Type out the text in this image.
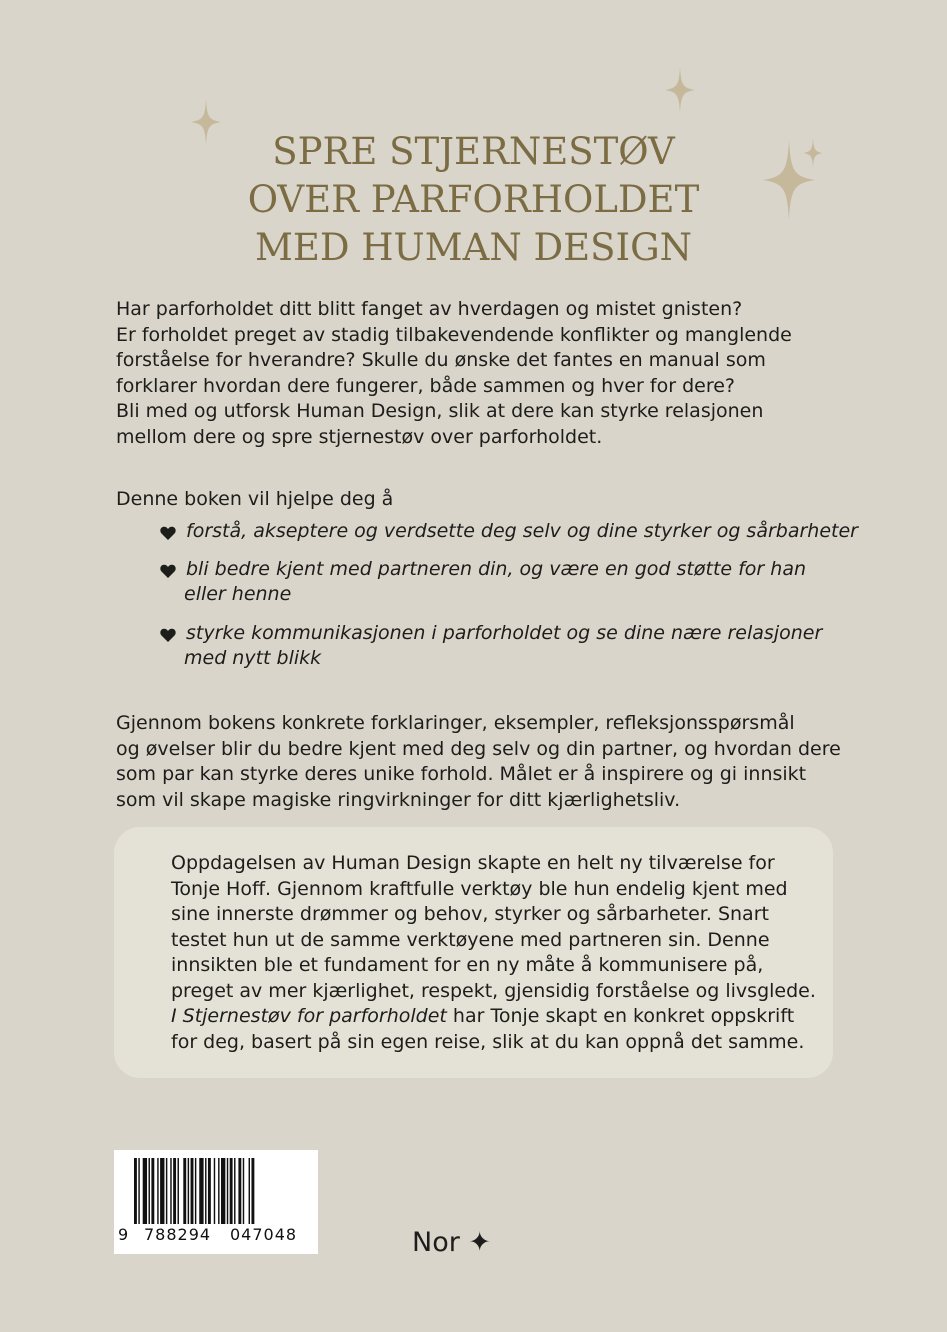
SPRE STJERNESTØV
OVER PARFORHOLDET
MED HUMAN DESIGN
Har parforholdet ditt blitt fanget av hverdagen og mistet gnisten?
Er forholdet preget av stadig tilbakevendende konflikter og manglende
forståelse for hverandre? Skulle du ønske det fantes en manual som
forklarer hvordan dere fungerer, både sammen og hver for dere?
Bli med og utforsk Human Design, slik at dere kan styrke relasjonen
mellom dere og spre stjernestøv over parforholdet.
Denne boken vil hjelpe deg å
forstå, akseptere og verdsette deg selv og dine styrker og sårbarheter
bli bedre kjent med partneren din, og være en god støtte for han
eller henne
styrke kommunikasjonen i parforholdet og se dine nære relasjoner
med nytt blikk
Gjennom bokens konkrete forklaringer, eksempler, refleksjonsspørsmål
og øvelser blir du bedre kjent med deg selv og din partner, og hvordan dere
som par kan styrke deres unike forhold. Målet er å inspirere og gi innsikt
som vil skape magiske ringvirkninger for ditt kjærlighetsliv.
Oppdagelsen av Human Design skapte en helt ny tilværelse for
Tonje Hoff. Gjennom kraftfulle verktøy ble hun endelig kjent med
sine innerste drømmer og behov, styrker og sårbarheter. Snart
testet hun ut de samme verktøyene med partneren sin. Denne
innsikten ble et fundament for en ny måte å kommunisere på,
preget av mer kjærlighet, respekt, gjensidig forståelse og livsglede.
I Stjernestøv for parforholdet har Tonje skapt en konkret oppskrift
for deg, basert på sin egen reise, slik at du kan oppnå det samme.
9 788294 047048	Nor ✦
